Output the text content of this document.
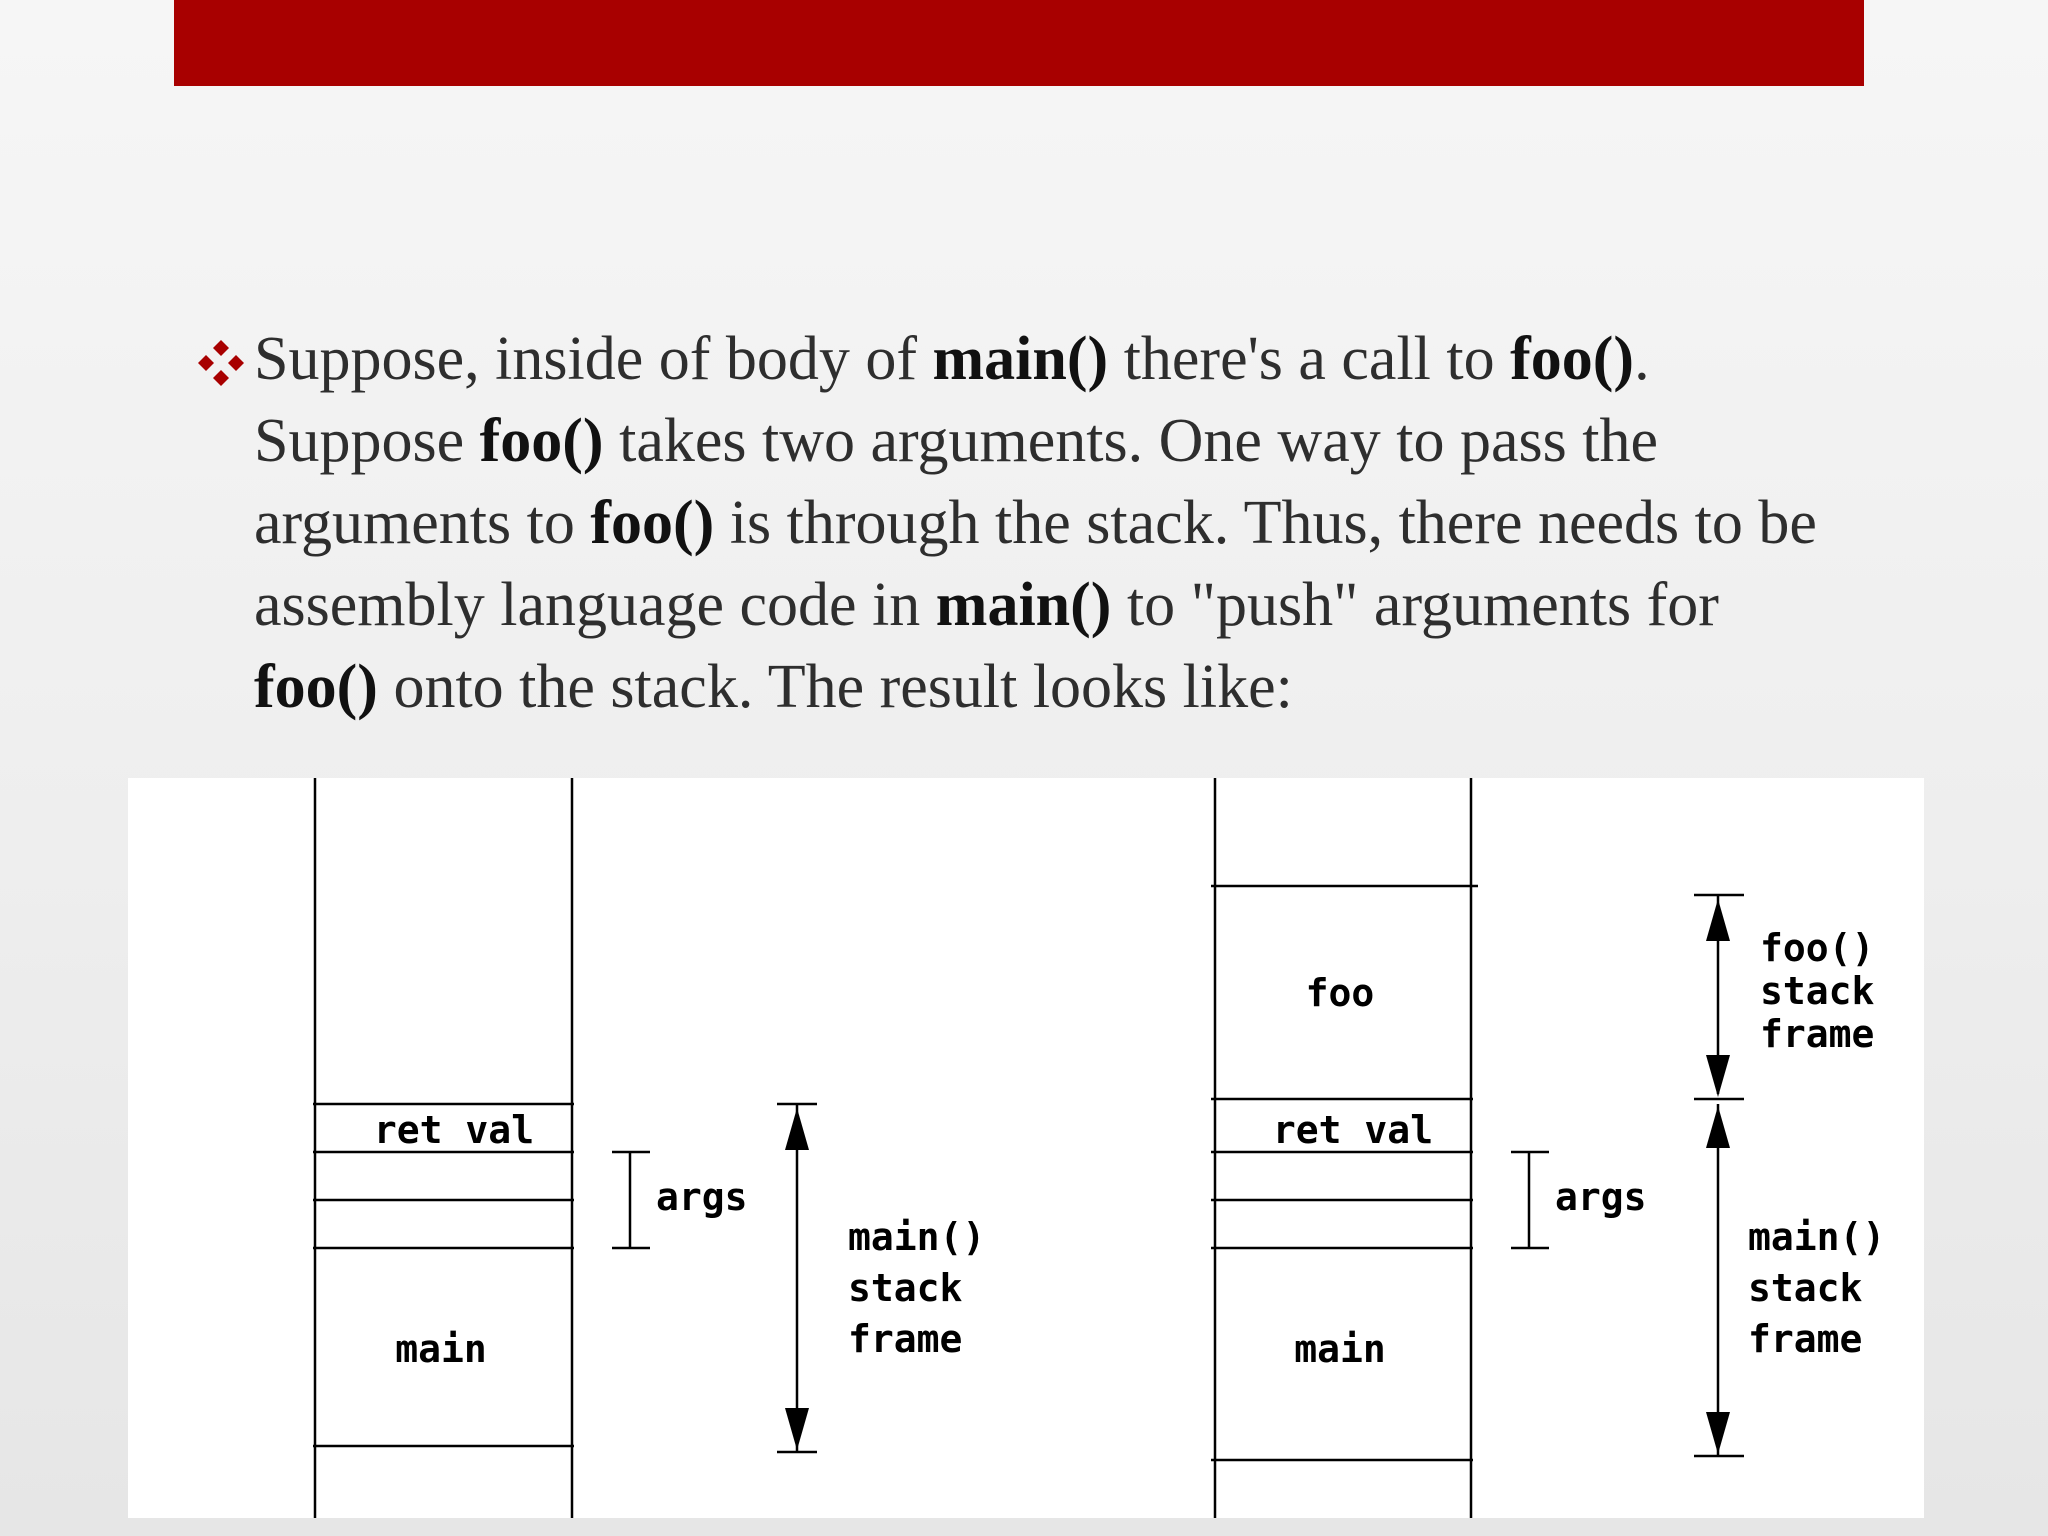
Suppose, inside of body of main() there's a call to foo(). Suppose foo() takes two arguments. One way to pass the arguments to foo() is through the stack. Thus, there needs to be assembly language code in main() to "push" arguments for foo() onto the stack. The result looks like:
ret val
args
main
main()
stack
frame
foo
ret val
args
main
foo()
stack
frame
main()
stack
frame
